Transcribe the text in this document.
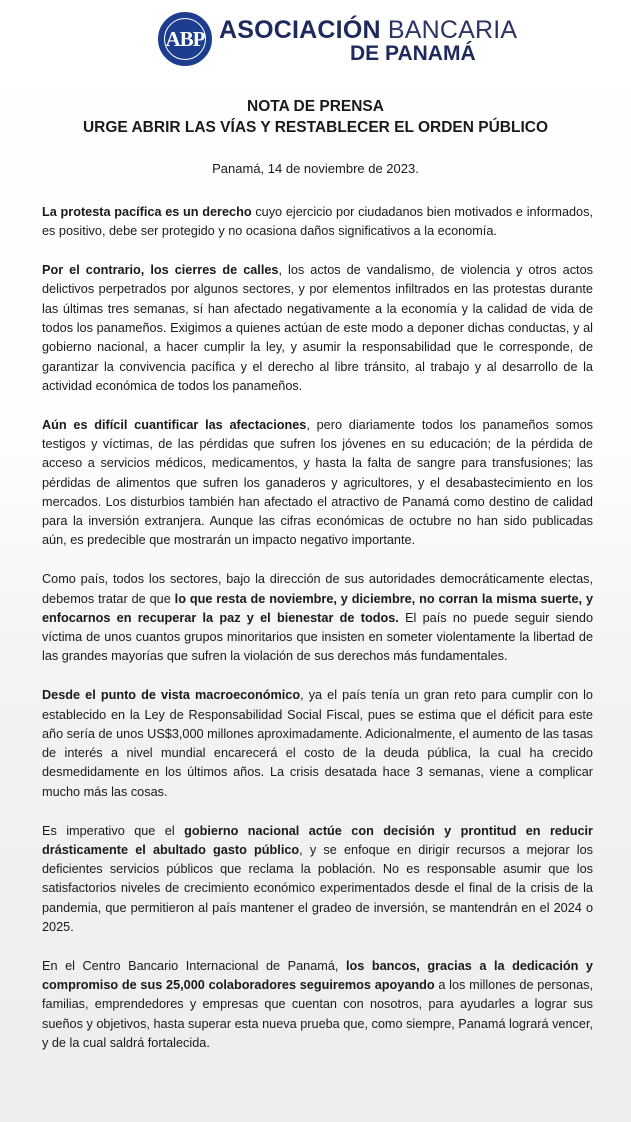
ABP ASOCIACIÓN BANCARIA
DE PANAMÁ
NOTA DE PRENSA
URGE ABRIR LAS VÍAS Y RESTABLECER EL ORDEN PÚBLICO
Panamá, 14 de noviembre de 2023.

La protesta pacífica es un derecho cuyo ejercicio por ciudadanos bien motivados e informados, es positivo, debe ser protegido y no ocasiona daños significativos a la economía.

Por el contrario, los cierres de calles, los actos de vandalismo, de violencia y otros actos delictivos perpetrados por algunos sectores, y por elementos infiltrados en las protestas durante las últimas tres semanas, sí han afectado negativamente a la economía y la calidad de vida de todos los panameños. Exigimos a quienes actúan de este modo a deponer dichas conductas, y al gobierno nacional, a hacer cumplir la ley, y asumir la responsabilidad que le corresponde, de garantizar la convivencia pacífica y el derecho al libre tránsito, al trabajo y al desarrollo de la actividad económica de todos los panameños.

Aún es difícil cuantificar las afectaciones, pero diariamente todos los panameños somos testigos y víctimas, de las pérdidas que sufren los jóvenes en su educación; de la pérdida de acceso a servicios médicos, medicamentos, y hasta la falta de sangre para transfusiones; las pérdidas de alimentos que sufren los ganaderos y agricultores, y el desabastecimiento en los mercados. Los disturbios también han afectado el atractivo de Panamá como destino de calidad para la inversión extranjera. Aunque las cifras económicas de octubre no han sido publicadas aún, es predecible que mostrarán un impacto negativo importante.

Como país, todos los sectores, bajo la dirección de sus autoridades democráticamente electas, debemos tratar de que lo que resta de noviembre, y diciembre, no corran la misma suerte, y enfocarnos en recuperar la paz y el bienestar de todos. El país no puede seguir siendo víctima de unos cuantos grupos minoritarios que insisten en someter violentamente la libertad de las grandes mayorías que sufren la violación de sus derechos más fundamentales.

Desde el punto de vista macroeconómico, ya el país tenía un gran reto para cumplir con lo establecido en la Ley de Responsabilidad Social Fiscal, pues se estima que el déficit para este año sería de unos US$3,000 millones aproximadamente. Adicionalmente, el aumento de las tasas de interés a nivel mundial encarecerá el costo de la deuda pública, la cual ha crecido desmedidamente en los últimos años. La crisis desatada hace 3 semanas, viene a complicar mucho más las cosas.

Es imperativo que el gobierno nacional actúe con decisión y prontitud en reducir drásticamente el abultado gasto público, y se enfoque en dirigir recursos a mejorar los deficientes servicios públicos que reclama la población. No es responsable asumir que los satisfactorios niveles de crecimiento económico experimentados desde el final de la crisis de la pandemia, que permitieron al país mantener el gradeo de inversión, se mantendrán en el 2024 o 2025.

En el Centro Bancario Internacional de Panamá, los bancos, gracias a la dedicación y compromiso de sus 25,000 colaboradores seguiremos apoyando a los millones de personas, familias, emprendedores y empresas que cuentan con nosotros, para ayudarles a lograr sus sueños y objetivos, hasta superar esta nueva prueba que, como siempre, Panamá logrará vencer, y de la cual saldrá fortalecida.
